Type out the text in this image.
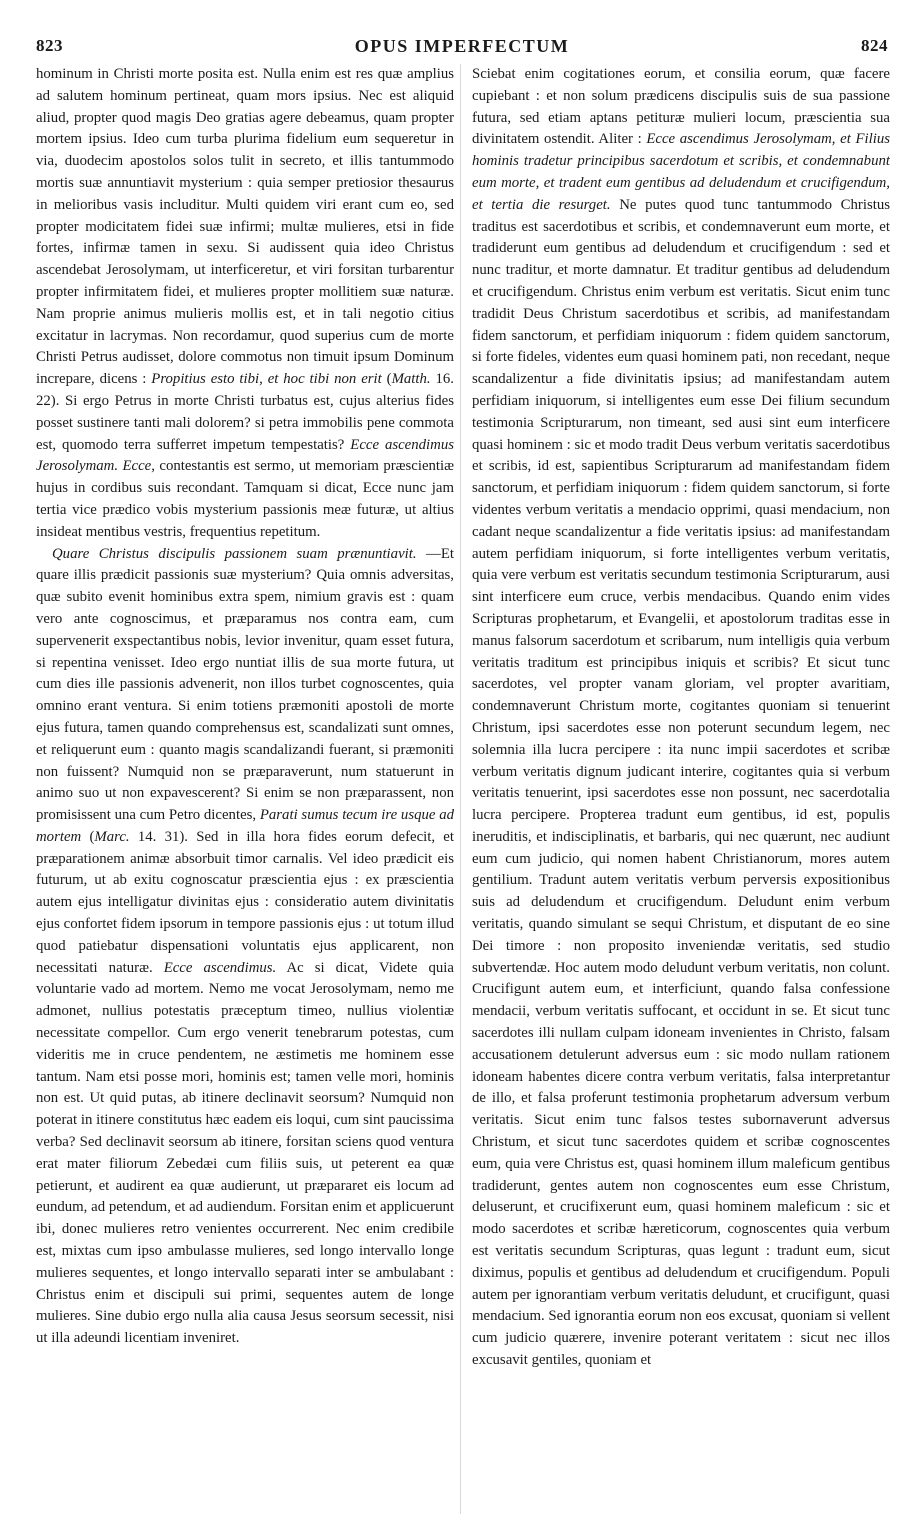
823	OPUS IMPERFECTUM	824

hominum in Christi morte posita est. Nulla enim est res quæ amplius ad salutem hominum pertineat, quam mors ipsius. Nec est aliquid aliud, propter quod magis Deo gratias agere debeamus, quam propter mortem ipsius. Ideo cum turba plurima fidelium eum sequeretur in via, duodecim apostolos solos tulit in secreto, et illis tantummodo mortis suæ annuntiavit mysterium : quia semper pretiosior thesaurus in melioribus vasis includitur. Multi quidem viri erant cum eo, sed propter modicitatem fidei suæ infirmi; multæ mulieres, etsi in fide fortes, infirmæ tamen in sexu. Si audissent quia ideo Christus ascendebat Jerosolymam, ut interficeretur, et viri forsitan turbarentur propter infirmitatem fidei, et mulieres propter mollitiem suæ naturæ. Nam proprie animus mulieris mollis est, et in tali negotio citius excitatur in lacrymas. Non recordamur, quod superius cum de morte Christi Petrus audisset, dolore commotus non timuit ipsum Dominum increpare, dicens : Propitius esto tibi, et hoc tibi non erit (Matth. 16. 22). Si ergo Petrus in morte Christi turbatus est, cujus alterius fides posset sustinere tanti mali dolorem? si petra immobilis pene commota est, quomodo terra sufferret impetum tempestatis? Ecce ascendimus Jerosolymam. Ecce, contestantis est sermo, ut memoriam præscientiæ hujus in cordibus suis recondant. Tamquam si dicat, Ecce nunc jam tertia vice prædico vobis mysterium passionis meæ futuræ, ut altius insideat mentibus vestris, frequentius repetitum.

Quare Christus discipulis passionem suam prænuntiavit. —Et quare illis prædicit passionis suæ mysterium? Quia omnis adversitas, quæ subito evenit hominibus extra spem, nimium gravis est : quam vero ante cognoscimus, et præparamus nos contra eam, cum supervenerit exspectantibus nobis, levior invenitur, quam esset futura, si repentina venisset. Ideo ergo nuntiat illis de sua morte futura, ut cum dies ille passionis advenerit, non illos turbet cognoscentes, quia omnino erant ventura. Si enim totiens præmoniti apostoli de morte ejus futura, tamen quando comprehensus est, scandalizati sunt omnes, et reliquerunt eum : quanto magis scandalizandi fuerant, si præmoniti non fuissent? Numquid non se præparaverunt, num statuerunt in animo suo ut non expavescerent? Si enim se non præparassent, non promisissent una cum Petro dicentes, Parati sumus tecum ire usque ad mortem (Marc. 14. 31). Sed in illa hora fides eorum defecit, et præparationem animæ absorbuit timor carnalis. Vel ideo prædicit eis futurum, ut ab exitu cognoscatur præscientia ejus : ex præscientia autem ejus intelligatur divinitas ejus : consideratio autem divinitatis ejus confortet fidem ipsorum in tempore passionis ejus : ut totum illud quod patiebatur dispensationi voluntatis ejus applicarent, non necessitati naturæ. Ecce ascendimus. Ac si dicat, Videte quia voluntarie vado ad mortem. Nemo me vocat Jerosolymam, nemo me admonet, nullius potestatis præceptum timeo, nullius violentiæ necessitate compellor. Cum ergo venerit tenebrarum potestas, cum videritis me in cruce pendentem, ne æstimetis me hominem esse tantum. Nam etsi posse mori, hominis est; tamen velle mori, hominis non est. Ut quid putas, ab itinere declinavit seorsum? Numquid non poterat in itinere constitutus hæc eadem eis loqui, cum sint paucissima verba? Sed declinavit seorsum ab itinere, forsitan sciens quod ventura erat mater filiorum Zebedæi cum filiis suis, ut peterent ea quæ petierunt, et audirent ea quæ audierunt, ut præpararet eis locum ad eundum, ad petendum, et ad audiendum. Forsitan enim et applicuerunt ibi, donec mulieres retro venientes occurrerent. Nec enim credibile est, mixtas cum ipso ambulasse mulieres, sed longo intervallo longe mulieres sequentes, et longo intervallo separati inter se ambulabant : Christus enim et discipuli sui primi, sequentes autem de longe mulieres. Sine dubio ergo nulla alia causa Jesus seorsum secessit, nisi ut illa adeundi licentiam inveniret.

Sciebat enim cogitationes eorum, et consilia eorum, quæ facere cupiebant : et non solum prædicens discipulis suis de sua passione futura, sed etiam aptans petituræ mulieri locum, præscientia sua divinitatem ostendit. Aliter : Ecce ascendimus Jerosolymam, et Filius hominis tradetur principibus sacerdotum et scribis, et condemnabunt eum morte, et tradent eum gentibus ad deludendum et crucifigendum, et tertia die resurget. Ne putes quod tunc tantummodo Christus traditus est sacerdotibus et scribis, et condemnaverunt eum morte, et tradiderunt eum gentibus ad deludendum et crucifigendum : sed et nunc traditur, et morte damnatur. Et traditur gentibus ad deludendum et crucifigendum. Christus enim verbum est veritatis. Sicut enim tunc tradidit Deus Christum sacerdotibus et scribis, ad manifestandam fidem sanctorum, et perfidiam iniquorum : fidem quidem sanctorum, si forte fideles, videntes eum quasi hominem pati, non recedant, neque scandalizentur a fide divinitatis ipsius; ad manifestandam autem perfidiam iniquorum, si intelligentes eum esse Dei filium secundum testimonia Scripturarum, non timeant, sed ausi sint eum interficere quasi hominem : sic et modo tradit Deus verbum veritatis sacerdotibus et scribis, id est, sapientibus Scripturarum ad manifestandam fidem sanctorum, et perfidiam iniquorum : fidem quidem sanctorum, si forte videntes verbum veritatis a mendacio opprimi, quasi mendacium, non cadant neque scandalizentur a fide veritatis ipsius: ad manifestandam autem perfidiam iniquorum, si forte intelligentes verbum veritatis, quia vere verbum est veritatis secundum testimonia Scripturarum, ausi sint interficere eum cruce, verbis mendacibus. Quando enim vides Scripturas prophetarum, et Evangelii, et apostolorum traditas esse in manus falsorum sacerdotum et scribarum, num intelligis quia verbum veritatis traditum est principibus iniquis et scribis? Et sicut tunc sacerdotes, vel propter vanam gloriam, vel propter avaritiam, condemnaverunt Christum morte, cogitantes quoniam si tenuerint Christum, ipsi sacerdotes esse non poterunt secundum legem, nec solemnia illa lucra percipere : ita nunc impii sacerdotes et scribæ verbum veritatis dignum judicant interire, cogitantes quia si verbum veritatis tenuerint, ipsi sacerdotes esse non possunt, nec sacerdotalia lucra percipere. Propterea tradunt eum gentibus, id est, populis ineruditis, et indisciplinatis, et barbaris, qui nec quærunt, nec audiunt eum cum judicio, qui nomen habent Christianorum, mores autem gentilium. Tradunt autem veritatis verbum perversis expositionibus suis ad deludendum et crucifigendum. Deludunt enim verbum veritatis, quando simulant se sequi Christum, et disputant de eo sine Dei timore : non proposito inveniendæ veritatis, sed studio subvertendæ. Hoc autem modo deludunt verbum veritatis, non colunt. Crucifigunt autem eum, et interficiunt, quando falsa confessione mendacii, verbum veritatis suffocant, et occidunt in se. Et sicut tunc sacerdotes illi nullam culpam idoneam invenientes in Christo, falsam accusationem detulerunt adversus eum : sic modo nullam rationem idoneam habentes dicere contra verbum veritatis, falsa interpretantur de illo, et falsa proferunt testimonia prophetarum adversum verbum veritatis. Sicut enim tunc falsos testes subornaverunt adversus Christum, et sicut tunc sacerdotes quidem et scribæ cognoscentes eum, quia vere Christus est, quasi hominem illum maleficum gentibus tradiderunt, gentes autem non cognoscentes eum esse Christum, deluserunt, et crucifixerunt eum, quasi hominem maleficum : sic et modo sacerdotes et scribæ hæreticorum, cognoscentes quia verbum est veritatis secundum Scripturas, quas legunt : tradunt eum, sicut diximus, populis et gentibus ad deludendum et crucifigendum. Populi autem per ignorantiam verbum veritatis deludunt, et crucifigunt, quasi mendacium. Sed ignorantia eorum non eos excusat, quoniam si vellent cum judicio quærere, invenire poterant veritatem : sicut nec illos excusavit gentiles, quoniam et
